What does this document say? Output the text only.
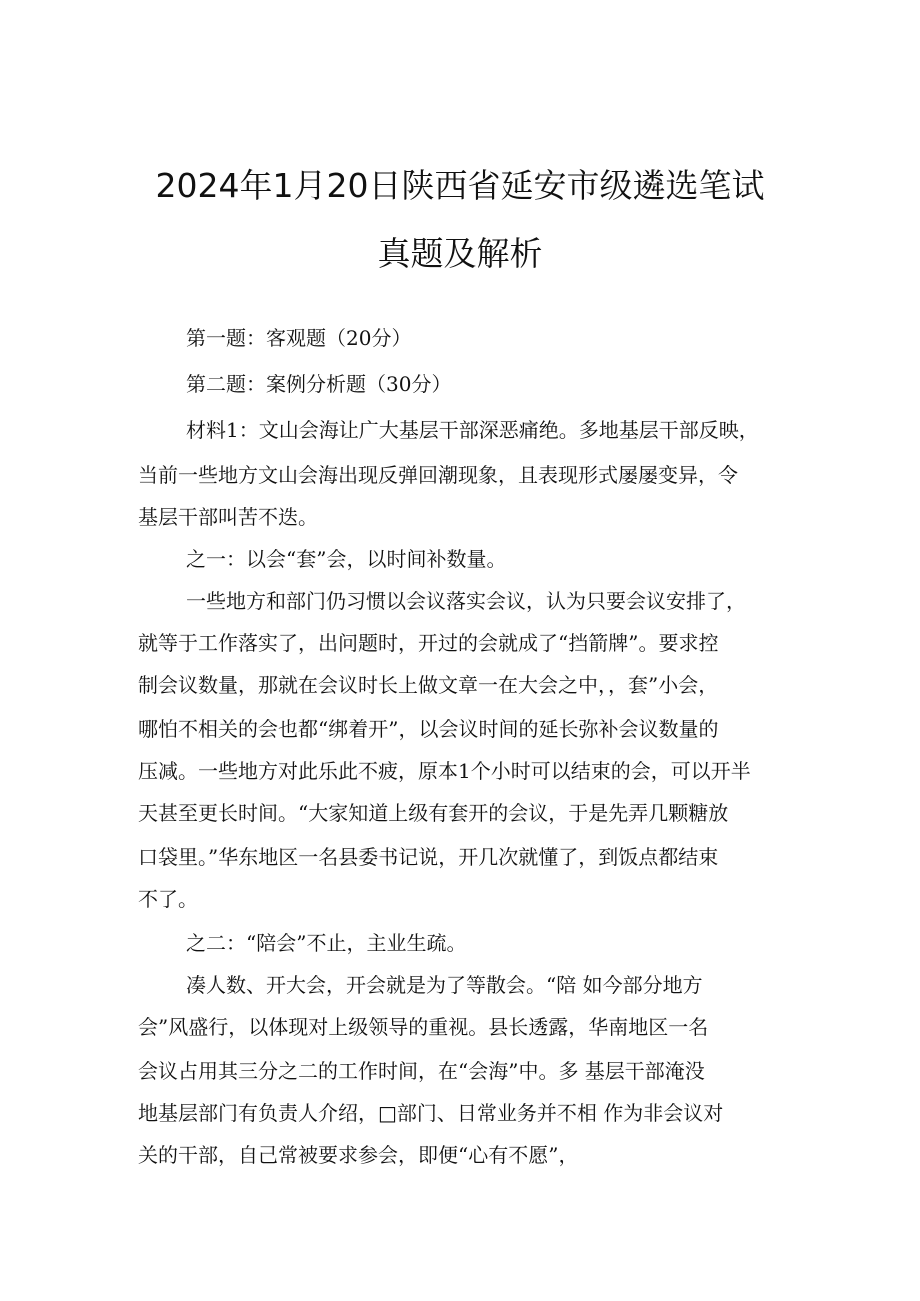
2024年1月20日陕西省延安市级遴选笔试
真题及解析
第一题：客观题（20分）
第二题：案例分析题（30分）
材料1：文山会海让广大基层干部深恶痛绝。多地基层干部反映，
当前一些地方文山会海出现反弹回潮现象，且表现形式屡屡变异，令
基层干部叫苦不迭。
之一：以会“套”会，以时间补数量。
一些地方和部门仍习惯以会议落实会议，认为只要会议安排了，
就等于工作落实了，出问题时，开过的会就成了“挡箭牌”。要求控
制会议数量，那就在会议时长上做文章一在大会之中，，套”小会，
哪怕不相关的会也都“绑着开”，以会议时间的延长弥补会议数量的
压减。一些地方对此乐此不疲，原本1个小时可以结束的会，可以开半
天甚至更长时间。“大家知道上级有套开的会议，于是先弄几颗糖放
口袋里。”华东地区一名县委书记说，开几次就懂了，到饭点都结束
不了。
之二：“陪会”不止，主业生疏。
凑人数、开大会，开会就是为了等散会。“陪 如今部分地方
会”风盛行，以体现对上级领导的重视。县长透露，华南地区一名
会议占用其三分之二的工作时间，在“会海”中。多 基层干部淹没
地基层部门有负责人介绍，□部门、日常业务并不相 作为非会议对
关的干部，自己常被要求参会，即便“心有不愿”，
